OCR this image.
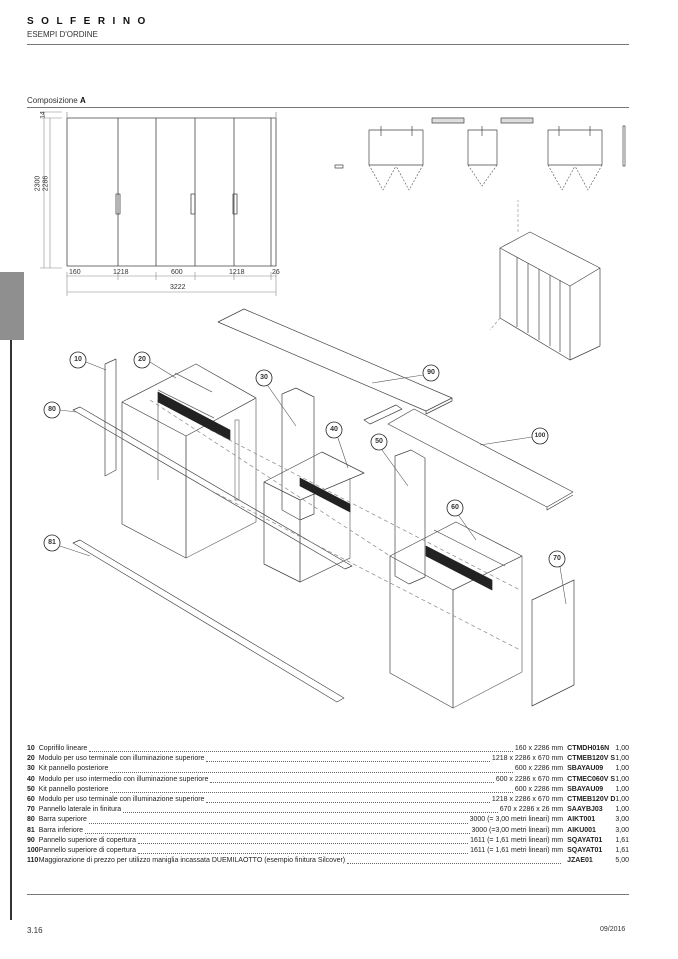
SOLFERINO
ESEMPI D'ORDINE
Composizione A
2300 2286
14
160	1218	600	1218	26
3222
10	20
30
40
50
60
70
80
81
90
100
10	Coprifilo lineare 160 x 2286 mm	CTMDH016N	1,00
20	Modulo per uso terminale con illuminazione superiore 1218 x 2286 x 670 mm	CTMEB120V S	1,00
30	Kit pannello posteriore 600 x 2286 mm	SBAYAU09	1,00
40	Modulo per uso intermedio con illuminazione superiore 600 x 2286 x 670 mm	CTMEC060V S	1,00
50	Kit pannello posteriore 600 x 2286 mm	SBAYAU09	1,00
60	Modulo per uso terminale con illuminazione superiore 1218 x 2286 x 670 mm	CTMEB120V D	1,00
70	Pannello laterale in finitura 670 x 2286 x 26 mm	SAAYBJ03	1,00
80	Barra superiore 3000 (= 3,00 metri lineari) mm	AIKT001	3,00
81	Barra inferiore 3000 (=3,00 metri lineari) mm	AIKU001	3,00
90	Pannello superiore di copertura 1611 (= 1,61 metri lineari) mm	SQAYAT01	1,61
100	Pannello superiore di copertura 1611 (= 1,61 metri lineari) mm	SQAYAT01	1,61
110	Maggiorazione di prezzo per utilizzo maniglia incassata DUEMILAOTTO (esempio finitura Silcover)	JZAE01	5,00
3.16	09/2016
